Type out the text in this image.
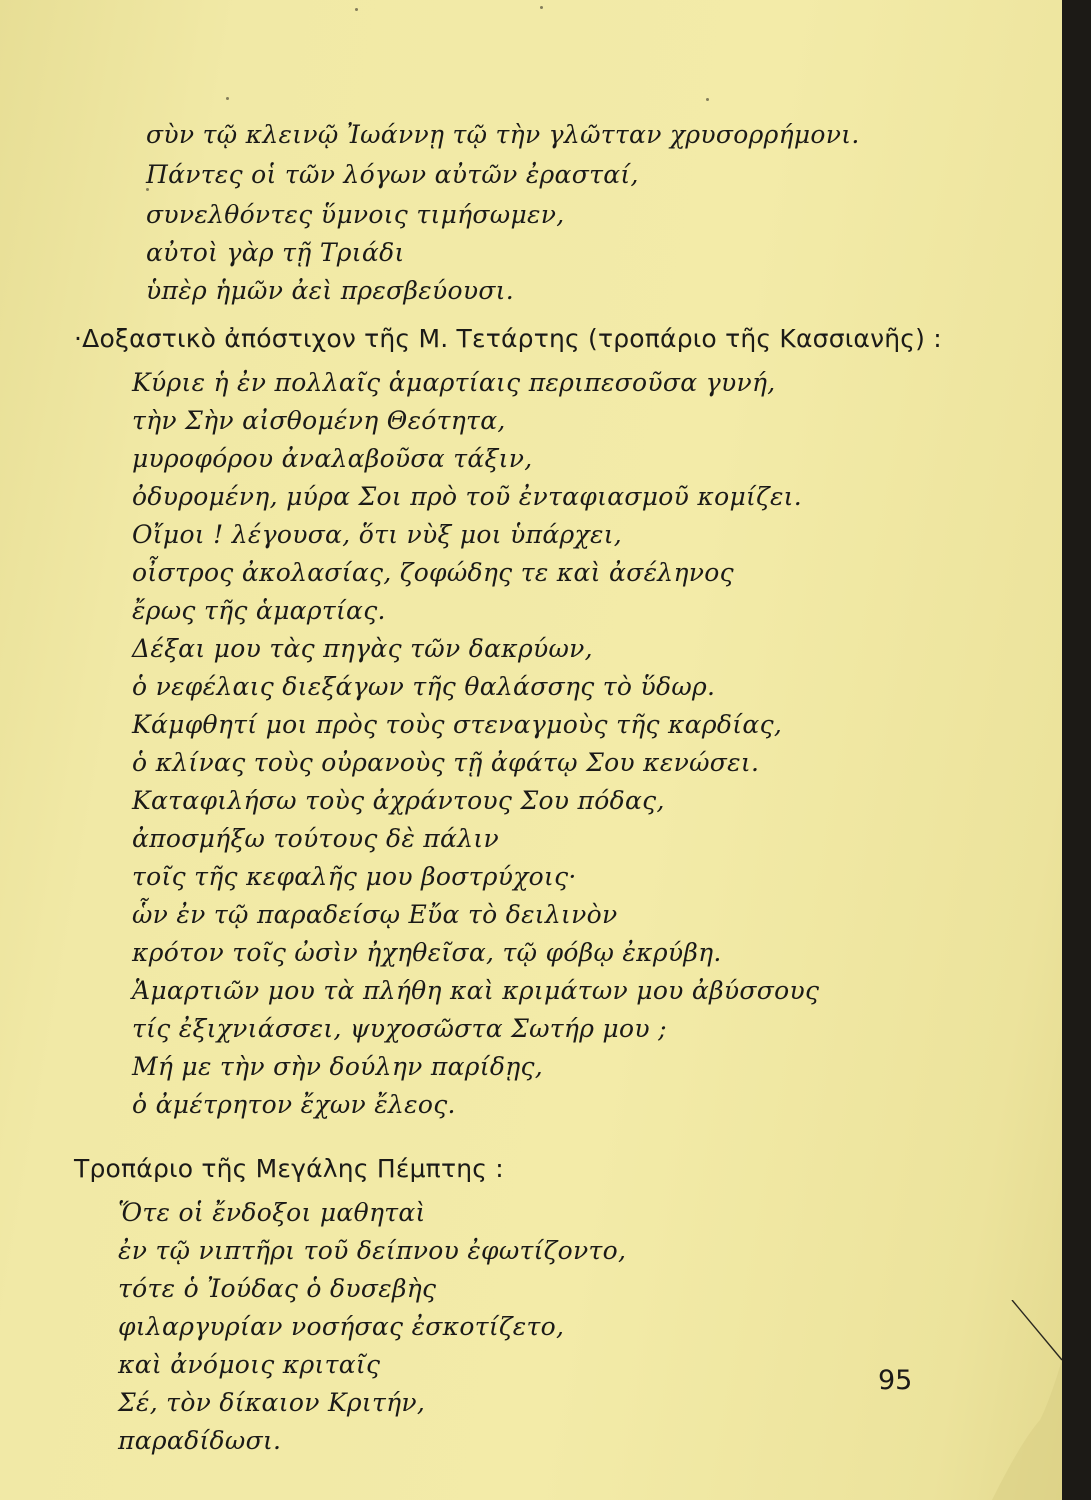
σὺν τῷ κλεινῷ Ἰωάννῃ τῷ τὴν γλῶτταν χρυσορρήμονι.
Πάντες οἱ τῶν λόγων αὐτῶν ἐρασταί,
συνελθόντες ὕμνοις τιμήσωμεν,
αὐτοὶ γὰρ τῇ Τριάδι
ὑπὲρ ἡμῶν ἀεὶ πρεσβεύουσι.
·Δοξαστικὸ ἀπόστιχον τῆς Μ. Τετάρτης (τροπάριο τῆς Κασσιανῆς) :
Κύριε ἡ ἐν πολλαῖς ἁμαρτίαις περιπεσοῦσα γυνή,
τὴν Σὴν αἰσθομένη Θεότητα,
μυροφόρου ἀναλαβοῦσα τάξιν,
ὀδυρομένη, μύρα Σοι πρὸ τοῦ ἐνταφιασμοῦ κομίζει.
Οἴμοι ! λέγουσα, ὅτι νὺξ μοι ὑπάρχει,
οἶστρος ἀκολασίας, ζοφώδης τε καὶ ἀσέληνος
ἔρως τῆς ἁμαρτίας.
Δέξαι μου τὰς πηγὰς τῶν δακρύων,
ὁ νεφέλαις διεξάγων τῆς θαλάσσης τὸ ὕδωρ.
Κάμφθητί μοι πρὸς τοὺς στεναγμοὺς τῆς καρδίας,
ὁ κλίνας τοὺς οὐρανοὺς τῇ ἀφάτῳ Σου κενώσει.
Καταφιλήσω τοὺς ἀχράντους Σου πόδας,
ἀποσμήξω τούτους δὲ πάλιν
τοῖς τῆς κεφαλῆς μου βοστρύχοις·
ὧν ἐν τῷ παραδείσῳ Εὔα τὸ δειλινὸν
κρότον τοῖς ὠσὶν ἠχηθεῖσα, τῷ φόβῳ ἐκρύβη.
Ἁμαρτιῶν μου τὰ πλήθη καὶ κριμάτων μου ἀβύσσους
τίς ἐξιχνιάσσει, ψυχοσῶστα Σωτήρ μου ;
Μή με τὴν σὴν δούλην παρίδῃς,
ὁ ἀμέτρητον ἔχων ἔλεος.
Τροπάριο τῆς Μεγάλης Πέμπτης :
Ὅτε οἱ ἔνδοξοι μαθηταὶ
ἐν τῷ νιπτῆρι τοῦ δείπνου ἐφωτίζοντο,
τότε ὁ Ἰούδας ὁ δυσεβὴς
φιλαργυρίαν νοσήσας ἐσκοτίζετο,
καὶ ἀνόμοις κριταῖς
Σέ, τὸν δίκαιον Κριτήν,
παραδίδωσι.
95
